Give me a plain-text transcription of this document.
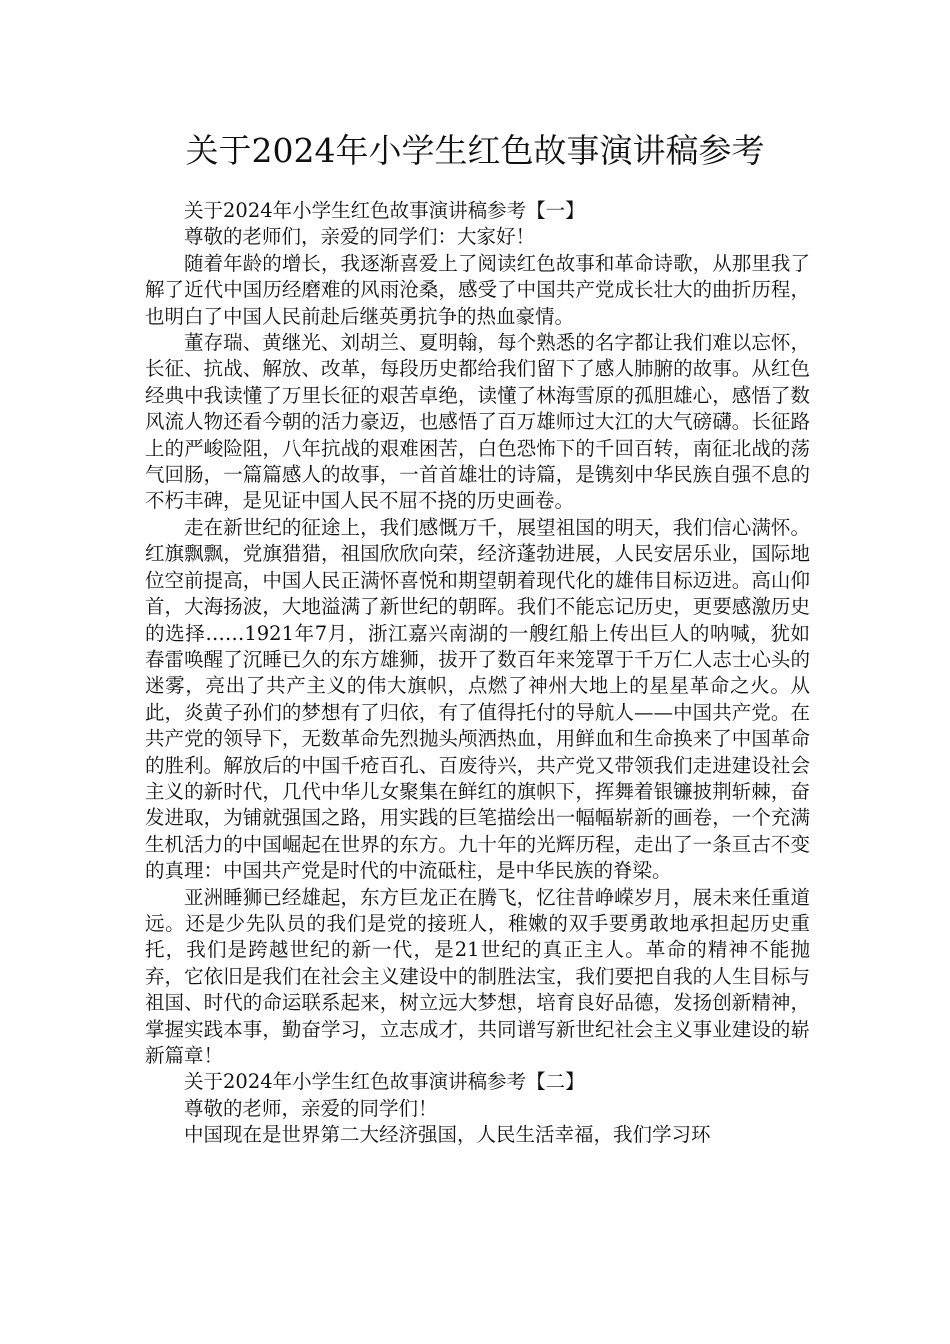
关于2024年小学生红色故事演讲稿参考

关于2024年小学生红色故事演讲稿参考【一】

尊敬的老师们，亲爱的同学们：大家好！

随着年龄的增长，我逐渐喜爱上了阅读红色故事和革命诗歌，从那里我了解了近代中国历经磨难的风雨沧桑，感受了中国共产党成长壮大的曲折历程，也明白了中国人民前赴后继英勇抗争的热血豪情。

董存瑞、黄继光、刘胡兰、夏明翰，每个熟悉的名字都让我们难以忘怀，长征、抗战、解放、改革，每段历史都给我们留下了感人肺腑的故事。从红色经典中我读懂了万里长征的艰苦卓绝，读懂了林海雪原的孤胆雄心，感悟了数风流人物还看今朝的活力豪迈，也感悟了百万雄师过大江的大气磅礴。长征路上的严峻险阻，八年抗战的艰难困苦，白色恐怖下的千回百转，南征北战的荡气回肠，一篇篇感人的故事，一首首雄壮的诗篇，是镌刻中华民族自强不息的不朽丰碑，是见证中国人民不屈不挠的历史画卷。

走在新世纪的征途上，我们感慨万千，展望祖国的明天，我们信心满怀。红旗飘飘，党旗猎猎，祖国欣欣向荣，经济蓬勃进展，人民安居乐业，国际地位空前提高，中国人民正满怀喜悦和期望朝着现代化的雄伟目标迈进。高山仰首，大海扬波，大地溢满了新世纪的朝晖。我们不能忘记历史，更要感激历史的选择……1921年7月，浙江嘉兴南湖的一艘红船上传出巨人的呐喊，犹如春雷唤醒了沉睡已久的东方雄狮，拔开了数百年来笼罩于千万仁人志士心头的迷雾，亮出了共产主义的伟大旗帜，点燃了神州大地上的星星革命之火。从此，炎黄子孙们的梦想有了归依，有了值得托付的导航人——中国共产党。在共产党的领导下，无数革命先烈抛头颅洒热血，用鲜血和生命换来了中国革命的胜利。解放后的中国千疮百孔、百废待兴，共产党又带领我们走进建设社会主义的新时代，几代中华儿女聚集在鲜红的旗帜下，挥舞着银镰披荆斩棘，奋发进取，为铺就强国之路，用实践的巨笔描绘出一幅幅崭新的画卷，一个充满生机活力的中国崛起在世界的东方。九十年的光辉历程，走出了一条亘古不变的真理：中国共产党是时代的中流砥柱，是中华民族的脊梁。

亚洲睡狮已经雄起，东方巨龙正在腾飞，忆往昔峥嵘岁月，展未来任重道远。还是少先队员的我们是党的接班人，稚嫩的双手要勇敢地承担起历史重托，我们是跨越世纪的新一代，是21世纪的真正主人。革命的精神不能抛弃，它依旧是我们在社会主义建设中的制胜法宝，我们要把自我的人生目标与祖国、时代的命运联系起来，树立远大梦想，培育良好品德，发扬创新精神，掌握实践本事，勤奋学习，立志成才，共同谱写新世纪社会主义事业建设的崭新篇章！

关于2024年小学生红色故事演讲稿参考【二】

尊敬的老师，亲爱的同学们！

中国现在是世界第二大经济强国，人民生活幸福，我们学习环
